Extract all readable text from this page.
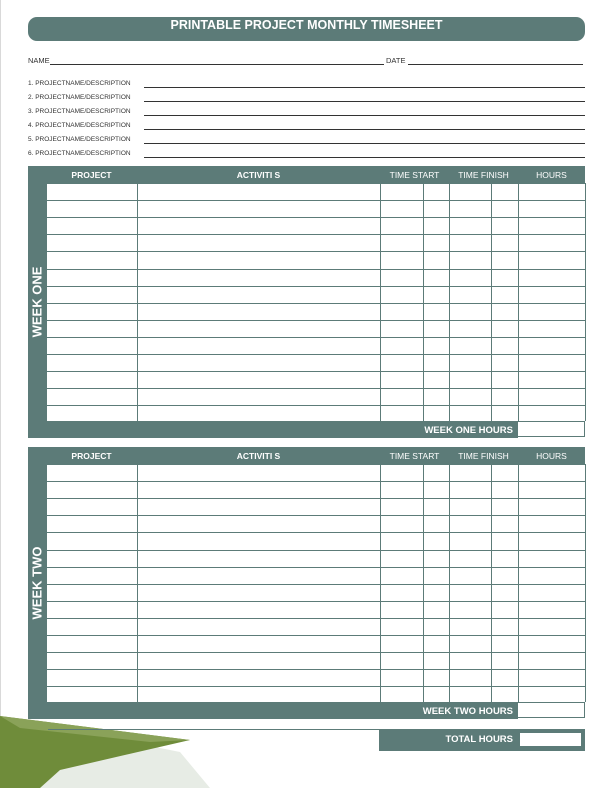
PRINTABLE PROJECT MONTHLY TIMESHEET
NAME	DATE
1. PROJECTNAME/DESCRIPTION
2. PROJECTNAME/DESCRIPTION
3. PROJECTNAME/DESCRIPTION
4. PROJECTNAME/DESCRIPTION
5. PROJECTNAME/DESCRIPTION
6. PROJECTNAME/DESCRIPTION
WEEK ONE
PROJECT	ACTIVITI S	TIME START	TIME FINISH	HOURS
WEEK ONE HOURS
WEEK TWO
PROJECT	ACTIVITI S	TIME START	TIME FINISH	HOURS
WEEK TWO HOURS
TOTAL HOURS
